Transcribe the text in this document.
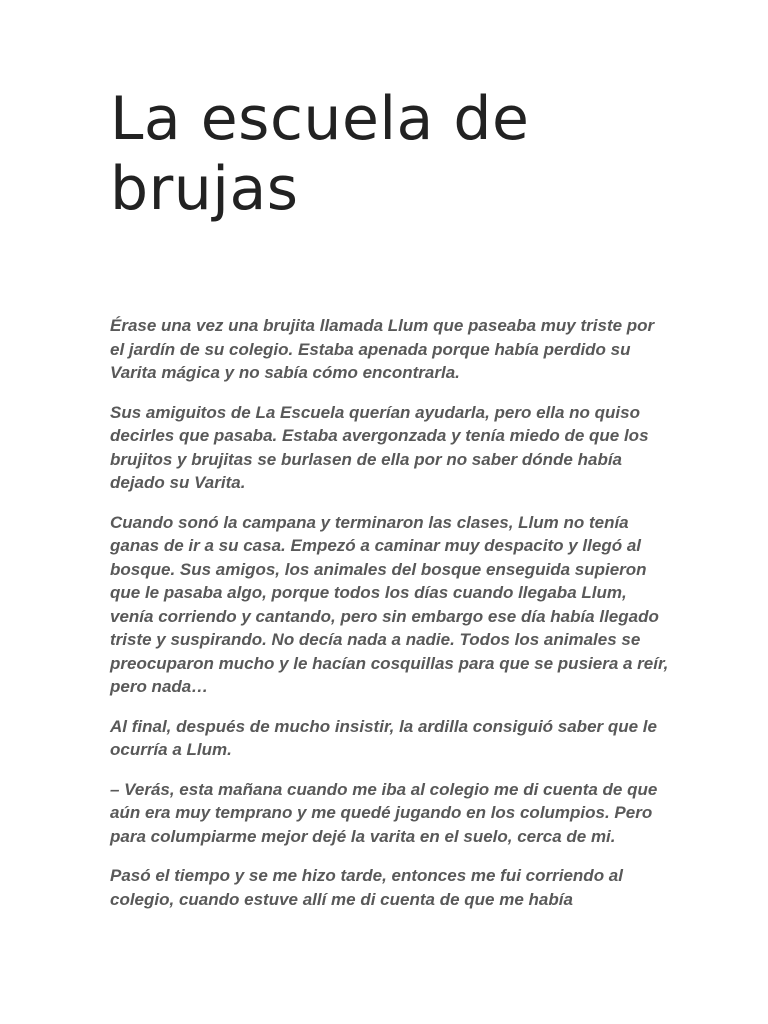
La escuela de brujas

Érase una vez una brujita llamada Llum que paseaba muy triste por el jardín de su colegio. Estaba apenada porque había perdido su Varita mágica y no sabía cómo encontrarla.

Sus amiguitos de La Escuela querían ayudarla, pero ella no quiso decirles que pasaba. Estaba avergonzada y tenía miedo de que los brujitos y brujitas se burlasen de ella por no saber dónde había dejado su Varita.

Cuando sonó la campana y terminaron las clases, Llum no tenía ganas de ir a su casa. Empezó a caminar muy despacito y llegó al bosque. Sus amigos, los animales del bosque enseguida supieron que le pasaba algo, porque todos los días cuando llegaba Llum, venía corriendo y cantando, pero sin embargo ese día había llegado triste y suspirando. No decía nada a nadie. Todos los animales se preocuparon mucho y le hacían cosquillas para que se pusiera a reír, pero nada…

Al final, después de mucho insistir, la ardilla consiguió saber que le ocurría a Llum.

– Verás, esta mañana cuando me iba al colegio me di cuenta de que aún era muy temprano y me quedé jugando en los columpios. Pero para columpiarme mejor dejé la varita en el suelo, cerca de mi.

Pasó el tiempo y se me hizo tarde, entonces me fui corriendo al colegio, cuando estuve allí me di cuenta de que me había
